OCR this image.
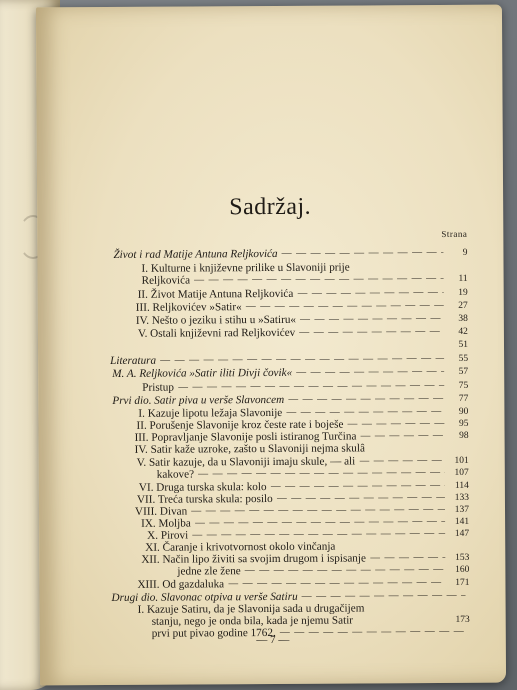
Sadržaj.
Strana
Život i rad Matije Antuna Reljkovića — — —	9
I. Kulturne i književne prilike u Slavoniji prije
Reljkovića — — —	11
II. Život Matije Antuna Reljkovića — — —	19
III. Reljkovićev »Satir« — — —	27
IV. Nešto o jeziku i stihu u »Satiru« — — —	38
V. Ostali književni rad Reljkovićev — — —	42
51
Literatura — — —	55
M. A. Reljkovića »Satir iliti Divji čovik« — — —	57
Pristup — — —	75
Prvi dio. Satir piva u verše Slavoncem — — —	77
I. Kazuje lipotu ležaja Slavonije — — —	90
II. Porušenje Slavonije kroz česte rate i boješe — — —	95
III. Popravljanje Slavonije posli istiranog Turčina — — —	98
IV. Satir kaže uzroke, zašto u Slavoniji nejma skulâ
V. Satir kazuje, da u Slavoniji imaju skule, — ali — — —	101
kakove? — — —	107
VI. Druga turska skula: kolo — — —	114
VII. Treća turska skula: posilo — — —	133
VIII. Divan — — —	137
IX. Moljba — — —	141
X. Pirovi — — —	147
XI. Čaranje i krivotvornost okolo vinčanja
XII. Način lipo živiti sa svojim drugom i ispisanje — — —	153
jedne zle žene — — —	160
XIII. Od gazdaluka — — —	171
Drugi dio. Slavonac otpiva u verše Satiru
— — —
I. Kazuje Satiru, da je Slavonija sada u drugačijem
stanju, nego je onda bila, kada je njemu Satir	173
prvi put pivao godine 1762.
— — —
— 7 —
